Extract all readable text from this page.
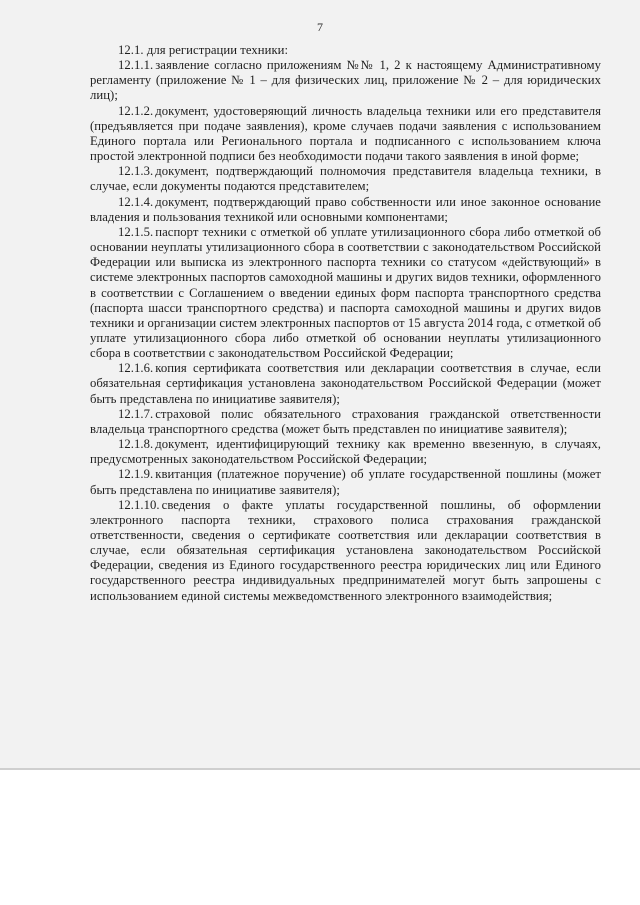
7

12.1. для регистрации техники:

12.1.1. заявление согласно приложениям №№ 1, 2 к настоящему Административному регламенту (приложение № 1 – для физических лиц, приложение № 2 – для юридических лиц);

12.1.2. документ, удостоверяющий личность владельца техники или его представителя (предъявляется при подаче заявления), кроме случаев подачи заявления с использованием Единого портала или Регионального портала и подписанного с использованием ключа простой электронной подписи без необходимости подачи такого заявления в иной форме;

12.1.3. документ, подтверждающий полномочия представителя владельца техники, в случае, если документы подаются представителем;

12.1.4. документ, подтверждающий право собственности или иное законное основание владения и пользования техникой или основными компонентами;

12.1.5. паспорт техники с отметкой об уплате утилизационного сбора либо отметкой об основании неуплаты утилизационного сбора в соответствии с законодательством Российской Федерации или выписка из электронного паспорта техники со статусом «действующий» в системе электронных паспортов самоходной машины и других видов техники, оформленного в соответствии с Соглашением о введении единых форм паспорта транспортного средства (паспорта шасси транспортного средства) и паспорта самоходной машины и других видов техники и организации систем электронных паспортов от 15 августа 2014 года, с отметкой об уплате утилизационного сбора либо отметкой об основании неуплаты утилизационного сбора в соответствии с законодательством Российской Федерации;

12.1.6. копия сертификата соответствия или декларации соответствия в случае, если обязательная сертификация установлена законодательством Российской Федерации (может быть представлена по инициативе заявителя);

12.1.7. страховой полис обязательного страхования гражданской ответственности владельца транспортного средства (может быть представлен по инициативе заявителя);

12.1.8. документ, идентифицирующий технику как временно ввезенную, в случаях, предусмотренных законодательством Российской Федерации;

12.1.9. квитанция (платежное поручение) об уплате государственной пошлины (может быть представлена по инициативе заявителя);

12.1.10. сведения о факте уплаты государственной пошлины, об оформлении электронного паспорта техники, страхового полиса страхования гражданской ответственности, сведения о сертификате соответствия или декларации соответствия в случае, если обязательная сертификация установлена законодательством Российской Федерации, сведения из Единого государственного реестра юридических лиц или Единого государственного реестра индивидуальных предпринимателей могут быть запрошены с использованием единой системы межведомственного электронного взаимодействия;
